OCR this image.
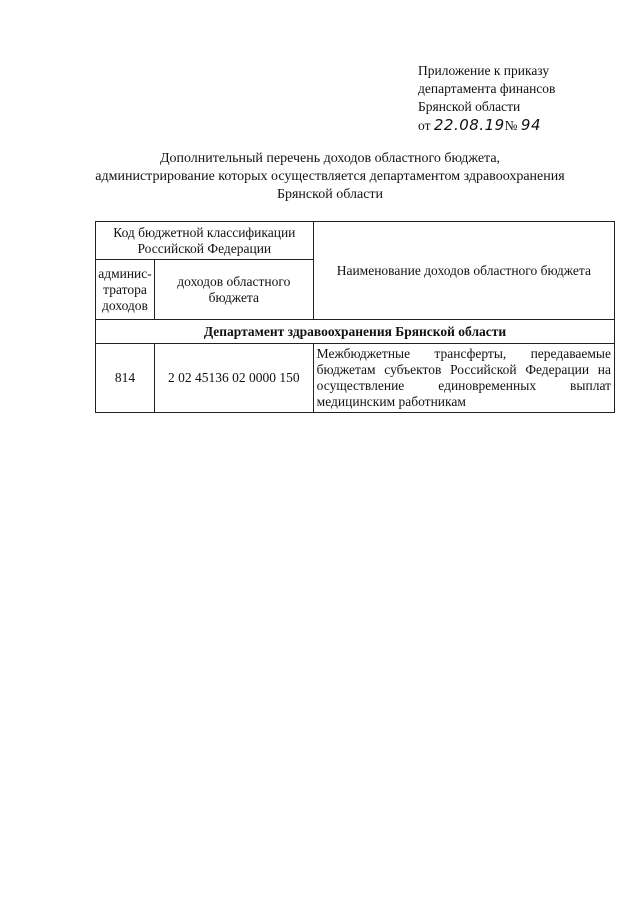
Приложение к приказу
департамента финансов
Брянской области
от 22.08.19№ 94
Дополнительный перечень доходов областного бюджета,
администрирование которых осуществляется департаментом здравоохранения
Брянской области
Код бюджетной классификации Российской Федерации		Наименование доходов областного бюджета
админис-тратора доходов	доходов областного бюджета	
Департамент здравоохранения Брянской области		
814	2 02 45136 02 0000 150	Межбюджетные трансферты, передаваемые бюджетам субъектов Российской Федерации на осуществление единовременных выплат медицинским работникам
